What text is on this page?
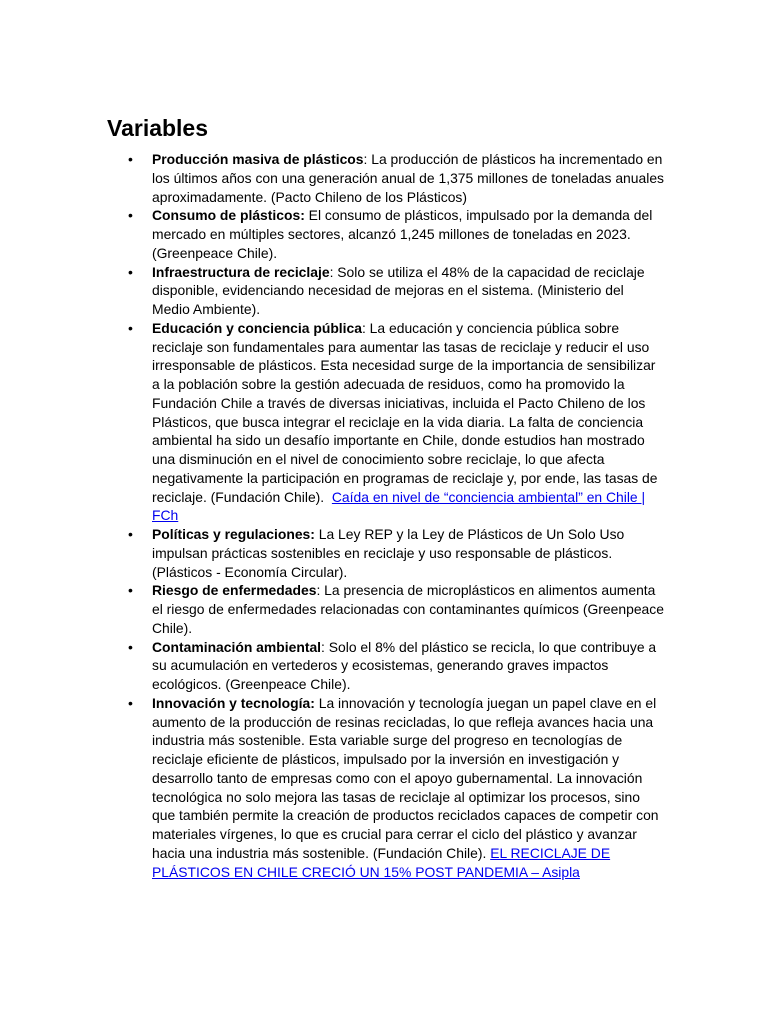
Variables
• Producción masiva de plásticos: La producción de plásticos ha incrementado en los últimos años con una generación anual de 1,375 millones de toneladas anuales aproximadamente. (Pacto Chileno de los Plásticos)
• Consumo de plásticos: El consumo de plásticos, impulsado por la demanda del mercado en múltiples sectores, alcanzó 1,245 millones de toneladas en 2023. (Greenpeace Chile).
• Infraestructura de reciclaje: Solo se utiliza el 48% de la capacidad de reciclaje disponible, evidenciando necesidad de mejoras en el sistema. (Ministerio del Medio Ambiente).
• Educación y conciencia pública: La educación y conciencia pública sobre reciclaje son fundamentales para aumentar las tasas de reciclaje y reducir el uso irresponsable de plásticos. Esta necesidad surge de la importancia de sensibilizar a la población sobre la gestión adecuada de residuos, como ha promovido la Fundación Chile a través de diversas iniciativas, incluida el Pacto Chileno de los Plásticos, que busca integrar el reciclaje en la vida diaria. La falta de conciencia ambiental ha sido un desafío importante en Chile, donde estudios han mostrado una disminución en el nivel de conocimiento sobre reciclaje, lo que afecta negativamente la participación en programas de reciclaje y, por ende, las tasas de reciclaje. (Fundación Chile).  Caída en nivel de “conciencia ambiental” en Chile | FCh
• Políticas y regulaciones: La Ley REP y la Ley de Plásticos de Un Solo Uso impulsan prácticas sostenibles en reciclaje y uso responsable de plásticos. (Plásticos - Economía Circular).
• Riesgo de enfermedades: La presencia de microplásticos en alimentos aumenta el riesgo de enfermedades relacionadas con contaminantes químicos (Greenpeace Chile).
• Contaminación ambiental: Solo el 8% del plástico se recicla, lo que contribuye a su acumulación en vertederos y ecosistemas, generando graves impactos ecológicos. (Greenpeace Chile).
• Innovación y tecnología: La innovación y tecnología juegan un papel clave en el aumento de la producción de resinas recicladas, lo que refleja avances hacia una industria más sostenible. Esta variable surge del progreso en tecnologías de reciclaje eficiente de plásticos, impulsado por la inversión en investigación y desarrollo tanto de empresas como con el apoyo gubernamental. La innovación tecnológica no solo mejora las tasas de reciclaje al optimizar los procesos, sino que también permite la creación de productos reciclados capaces de competir con materiales vírgenes, lo que es crucial para cerrar el ciclo del plástico y avanzar hacia una industria más sostenible. (Fundación Chile). EL RECICLAJE DE PLÁSTICOS EN CHILE CRECIÓ UN 15% POST PANDEMIA – Asipla
